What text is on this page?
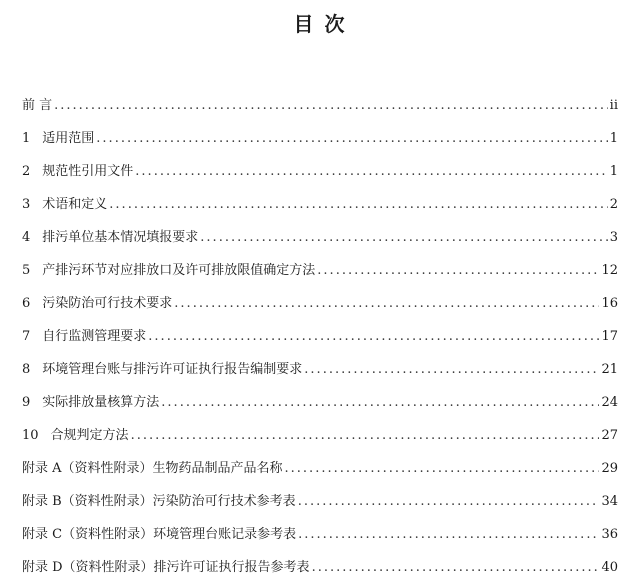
目 次
前 言 .....	ii
1 适用范围 .....	1
2 规范性引用文件 .....	1
3 术语和定义 .....	2
4 排污单位基本情况填报要求 .....	3
5 产排污环节对应排放口及许可排放限值确定方法 .....	12
6 污染防治可行技术要求 .....	16
7 自行监测管理要求 .....	17
8 环境管理台账与排污许可证执行报告编制要求 .....	21
9 实际排放量核算方法 .....	24
10 合规判定方法 .....	27
附录 A（资料性附录）生物药品制品产品名称 .....	29
附录 B（资料性附录）污染防治可行技术参考表 .....	34
附录 C（资料性附录）环境管理台账记录参考表 .....	36
附录 D（资料性附录）排污许可证执行报告参考表 .....	40
